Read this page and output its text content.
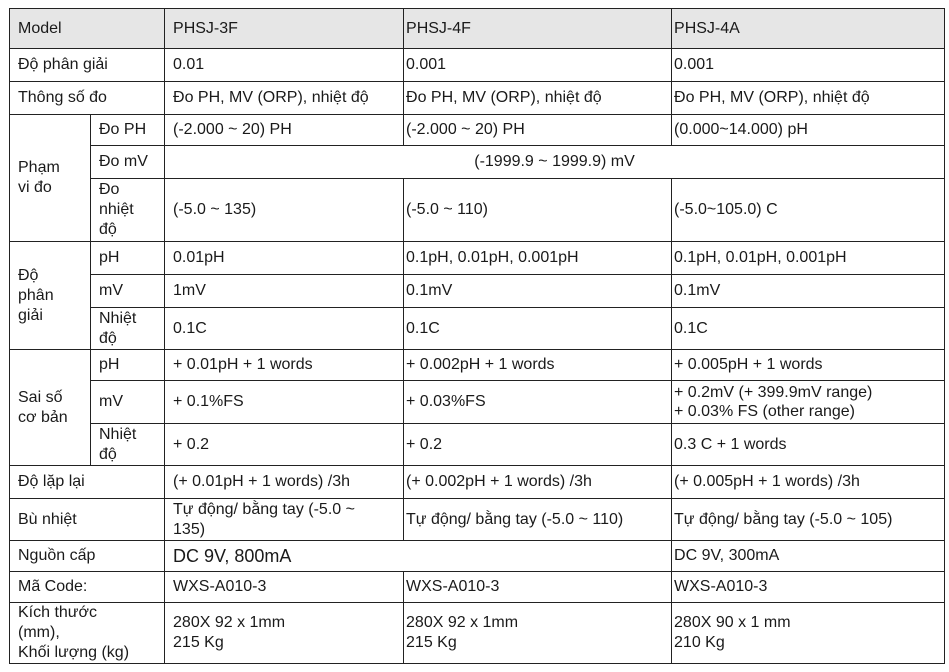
Model		PHSJ-3F	PHSJ-4F	PHSJ-4A
Độ phân giải		0.01	0.001	0.001
Thông số đo		Đo PH, MV (ORP), nhiệt độ	Đo PH, MV (ORP), nhiệt độ	Đo PH, MV (ORP), nhiệt độ
Phạm
vi đo	Đo PH	(-2.000 ~ 20) PH	(-2.000 ~ 20) PH	(0.000~14.000) pH
	Đo mV	(-1999.9 ~ 1999.9) mV		
	Đo
nhiệt
độ	(-5.0 ~ 135)	(-5.0 ~ 110)	(-5.0~105.0) C
Độ
phân
giải	pH	0.01pH	0.1pH, 0.01pH, 0.001pH	0.1pH, 0.01pH, 0.001pH
	mV	1mV	0.1mV	0.1mV
	Nhiệt
độ	0.1C	0.1C	0.1C
Sai số
cơ bản	pH	+ 0.01pH + 1 words	+ 0.002pH + 1 words	+ 0.005pH + 1 words
	mV	+ 0.1%FS	+ 0.03%FS	+ 0.2mV (+ 399.9mV range)
+ 0.03% FS (other range)
	Nhiệt
độ	+ 0.2	+ 0.2	0.3 C + 1 words
Độ lặp lại		(+ 0.01pH + 1 words) /3h	(+ 0.002pH + 1 words) /3h	(+ 0.005pH + 1 words) /3h
Bù nhiệt		Tự động/ bằng tay (-5.0 ~
135)	Tự động/ bằng tay (-5.0 ~ 110)	Tự động/ bằng tay (-5.0 ~ 105)
Nguồn cấp		DC 9V, 800mA		DC 9V, 300mA
Mã Code:		WXS-A010-3	WXS-A010-3	WXS-A010-3
Kích thước
(mm),
Khối lượng (kg)		280X 92 x 1mm
215 Kg	280X 92 x 1mm
215 Kg	280X 90 x 1 mm
210 Kg
